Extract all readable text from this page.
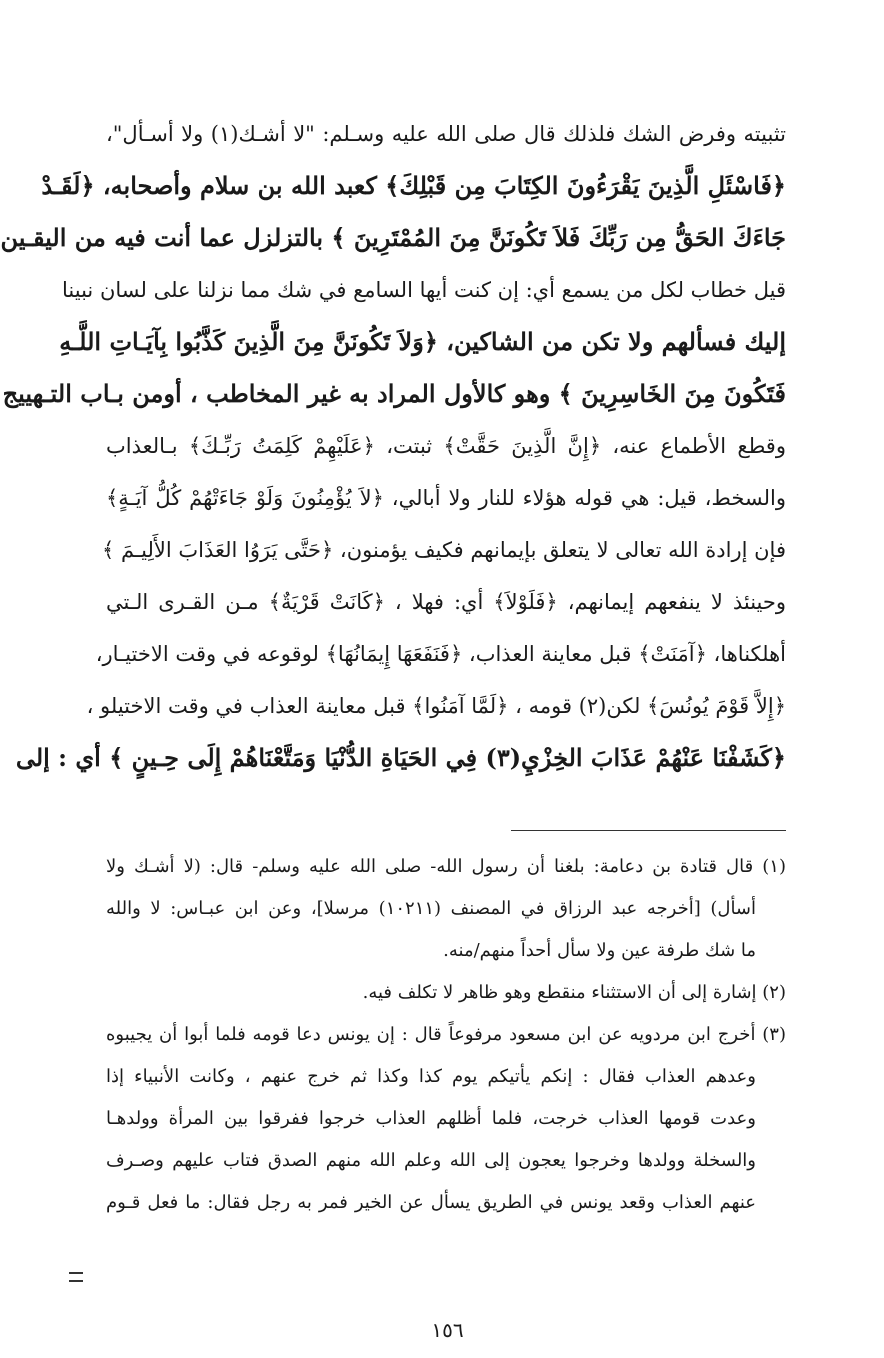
تثبيته وفرض الشك فلذلك قال صلى الله عليه وسـلم: "لا أشـك(١) ولا أسـأل"،
﴿فَاسْئَلِ الَّذِينَ يَقْرَءُونَ الكِتَابَ مِن قَبْلِكَ﴾ كعبد الله بن سلام وأصحابه، ﴿لَقَـدْ
جَاءَكَ الحَقُّ مِن رَبِّكَ فَلاَ تَكُونَنَّ مِنَ المُمْتَرِينَ ﴾ بالتزلزل عما أنت فيه من اليقـين
قيل خطاب لكل من يسمع أي: إن كنت أيها السامع في شك مما نزلنا على لسان نبينا
إليك فسألهم ولا تكن من الشاكين، ﴿وَلاَ تَكُونَنَّ مِنَ الَّذِينَ كَذَّبُوا بِآيَـاتِ اللَّـهِ
فَتَكُونَ مِنَ الخَاسِرِينَ ﴾ وهو كالأول المراد به غير المخاطب ، أومن بـاب التـهييج
وقطع الأطماع عنه، ﴿إِنَّ الَّذِينَ حَقَّتْ﴾ ثبتت، ﴿عَلَيْهِمْ كَلِمَتُ رَبِّـكَ﴾ بـالعذاب
والسخط، قيل: هي قوله هؤلاء للنار ولا أبالي، ﴿لاَ يُؤْمِنُونَ وَلَوْ جَاءَتْهُمْ كُلُّ آيَـةٍ﴾
فإن إرادة الله تعالى لا يتعلق بإيمانهم فكيف يؤمنون، ﴿حَتَّى يَرَوُا العَذَابَ الأَلِيـمَ ﴾
وحينئذ لا ينفعهم إيمانهم، ﴿فَلَوْلاَ﴾ أي: فهلا ، ﴿كَانَتْ قَرْيَةٌ﴾ مـن القـرى الـتي
أهلكناها، ﴿آمَنَتْ﴾ قبل معاينة العذاب، ﴿فَنَفَعَهَا إِيمَانُهَا﴾ لوقوعه في وقت الاختيـار،
﴿إِلاَّ قَوْمَ يُونُسَ﴾ لكن(٢) قومه ، ﴿لَمَّا آمَنُوا﴾ قبل معاينة العذاب في وقت الاختيلو ،
﴿كَشَفْنَا عَنْهُمْ عَذَابَ الخِزْيِ(٣) فِي الحَيَاةِ الدُّنْيَا وَمَتَّعْنَاهُمْ إِلَى حِـينٍ ﴾ أي : إلى
(١) قال قتادة بن دعامة: بلغنا أن رسول الله- صلى الله عليه وسلم- قال: (لا أشـك ولا
أسأل) [أخرجه عبد الرزاق في المصنف (١٠٢١١) مرسلا]، وعن ابن عبـاس: لا والله
ما شك طرفة عين ولا سأل أحداً منهم/منه.
(٢) إشارة إلى أن الاستثناء منقطع وهو ظاهر لا تكلف فيه.
(٣) أخرج ابن مردويه عن ابن مسعود مرفوعاً قال : إن يونس دعا قومه فلما أبوا أن يجيبوه
وعدهم العذاب فقال : إنكم يأتيكم يوم كذا وكذا ثم خرج عنهم ، وكانت الأنبياء إذا
وعدت قومها العذاب خرجت، فلما أظلهم العذاب خرجوا ففرقوا بين المرأة وولدهـا
والسخلة وولدها وخرجوا يعجون إلى الله وعلم الله منهم الصدق فتاب عليهم وصـرف
عنهم العذاب وقعد يونس في الطريق يسأل عن الخير فمر به رجل فقال: ما فعل قـوم
١٥٦
